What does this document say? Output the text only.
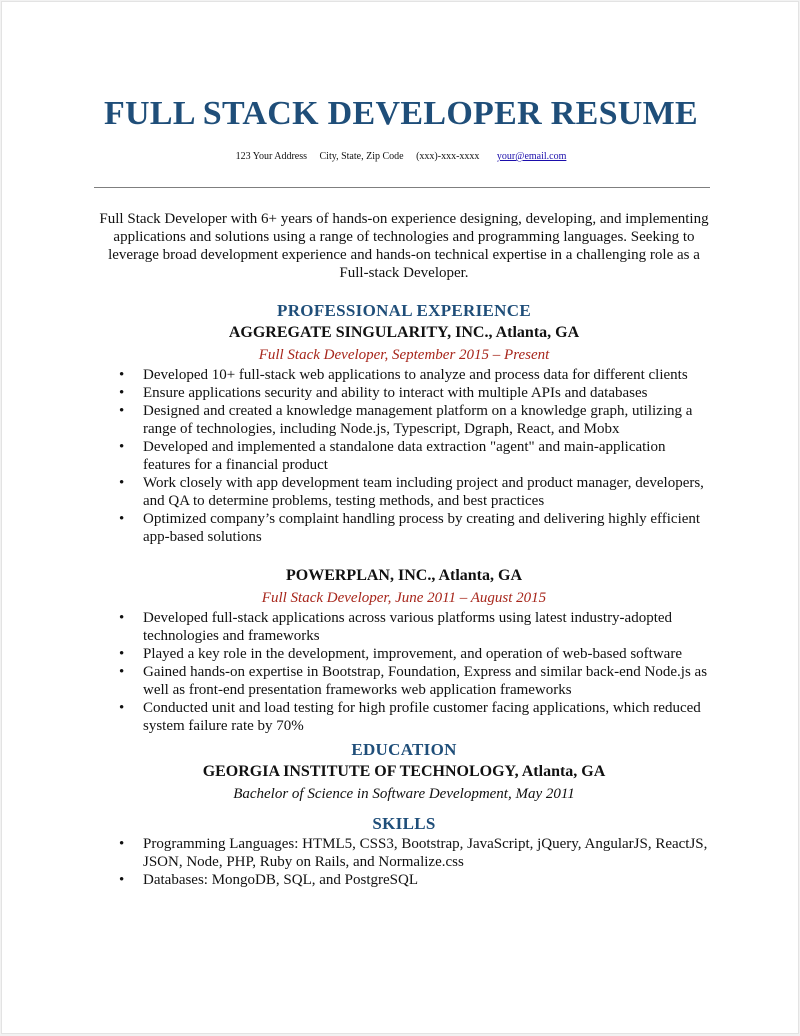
FULL STACK DEVELOPER RESUME
123 Your Address City, State, Zip Code (xxx)-xxx-xxxx your@email.com

Full Stack Developer with 6+ years of hands-on experience designing, developing, and implementing applications and solutions using a range of technologies and programming languages. Seeking to leverage broad development experience and hands-on technical expertise in a challenging role as a Full-stack Developer.

PROFESSIONAL EXPERIENCE
AGGREGATE SINGULARITY, INC., Atlanta, GA
Full Stack Developer, September 2015 – Present
• Developed 10+ full-stack web applications to analyze and process data for different clients
• Ensure applications security and ability to interact with multiple APIs and databases
• Designed and created a knowledge management platform on a knowledge graph, utilizing a range of technologies, including Node.js, Typescript, Dgraph, React, and Mobx
• Developed and implemented a standalone data extraction "agent" and main-application features for a financial product
• Work closely with app development team including project and product manager, developers, and QA to determine problems, testing methods, and best practices
• Optimized company’s complaint handling process by creating and delivering highly efficient app-based solutions
POWERPLAN, INC., Atlanta, GA
Full Stack Developer, June 2011 – August 2015
• Developed full-stack applications across various platforms using latest industry-adopted technologies and frameworks
• Played a key role in the development, improvement, and operation of web-based software
• Gained hands-on expertise in Bootstrap, Foundation, Express and similar back-end Node.js as well as front-end presentation frameworks web application frameworks
• Conducted unit and load testing for high profile customer facing applications, which reduced system failure rate by 70%
EDUCATION
GEORGIA INSTITUTE OF TECHNOLOGY, Atlanta, GA
Bachelor of Science in Software Development, May 2011
SKILLS
• Programming Languages: HTML5, CSS3, Bootstrap, JavaScript, jQuery, AngularJS, ReactJS, JSON, Node, PHP, Ruby on Rails, and Normalize.css
• Databases: MongoDB, SQL, and PostgreSQL
